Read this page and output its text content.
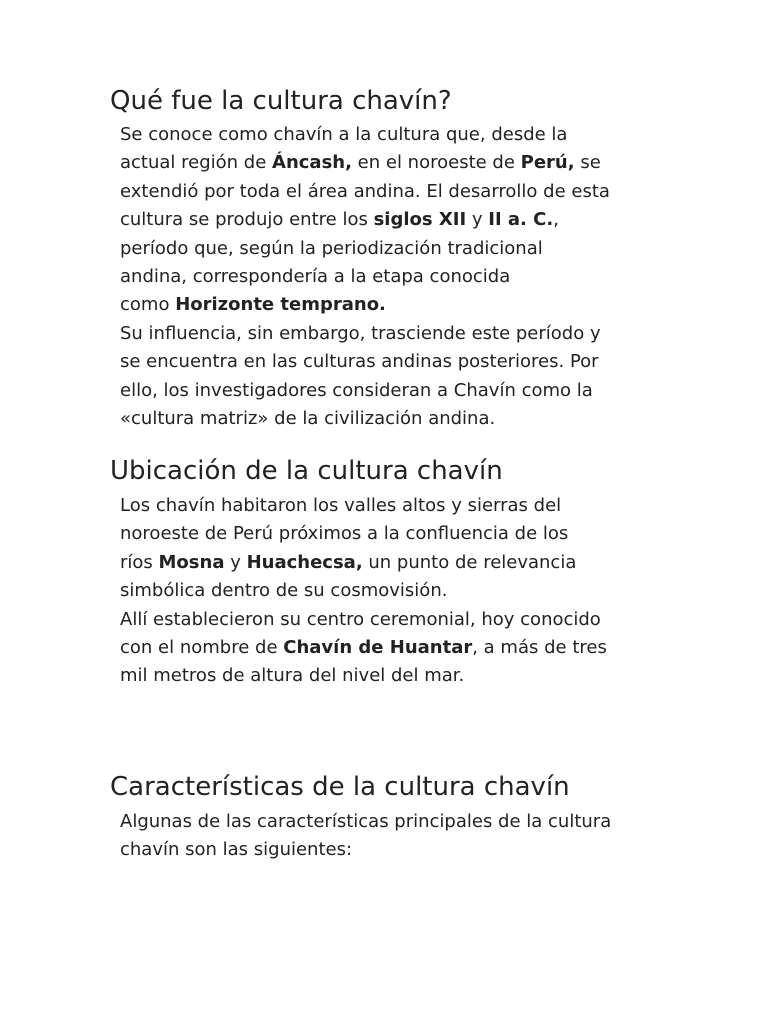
Qué fue la cultura chavín?
Se conoce como chavín a la cultura que, desde la
actual región de Áncash, en el noroeste de Perú, se
extendió por toda el área andina. El desarrollo de esta
cultura se produjo entre los siglos XII y II a. C.,
período que, según la periodización tradicional
andina, correspondería a la etapa conocida
como Horizonte temprano.
Su influencia, sin embargo, trasciende este período y
se encuentra en las culturas andinas posteriores. Por
ello, los investigadores consideran a Chavín como la
«cultura matriz» de la civilización andina.
Ubicación de la cultura chavín
Los chavín habitaron los valles altos y sierras del
noroeste de Perú próximos a la confluencia de los
ríos Mosna y Huachecsa, un punto de relevancia
simbólica dentro de su cosmovisión.
Allí establecieron su centro ceremonial, hoy conocido
con el nombre de Chavín de Huantar, a más de tres
mil metros de altura del nivel del mar.
Características de la cultura chavín
Algunas de las características principales de la cultura
chavín son las siguientes:
